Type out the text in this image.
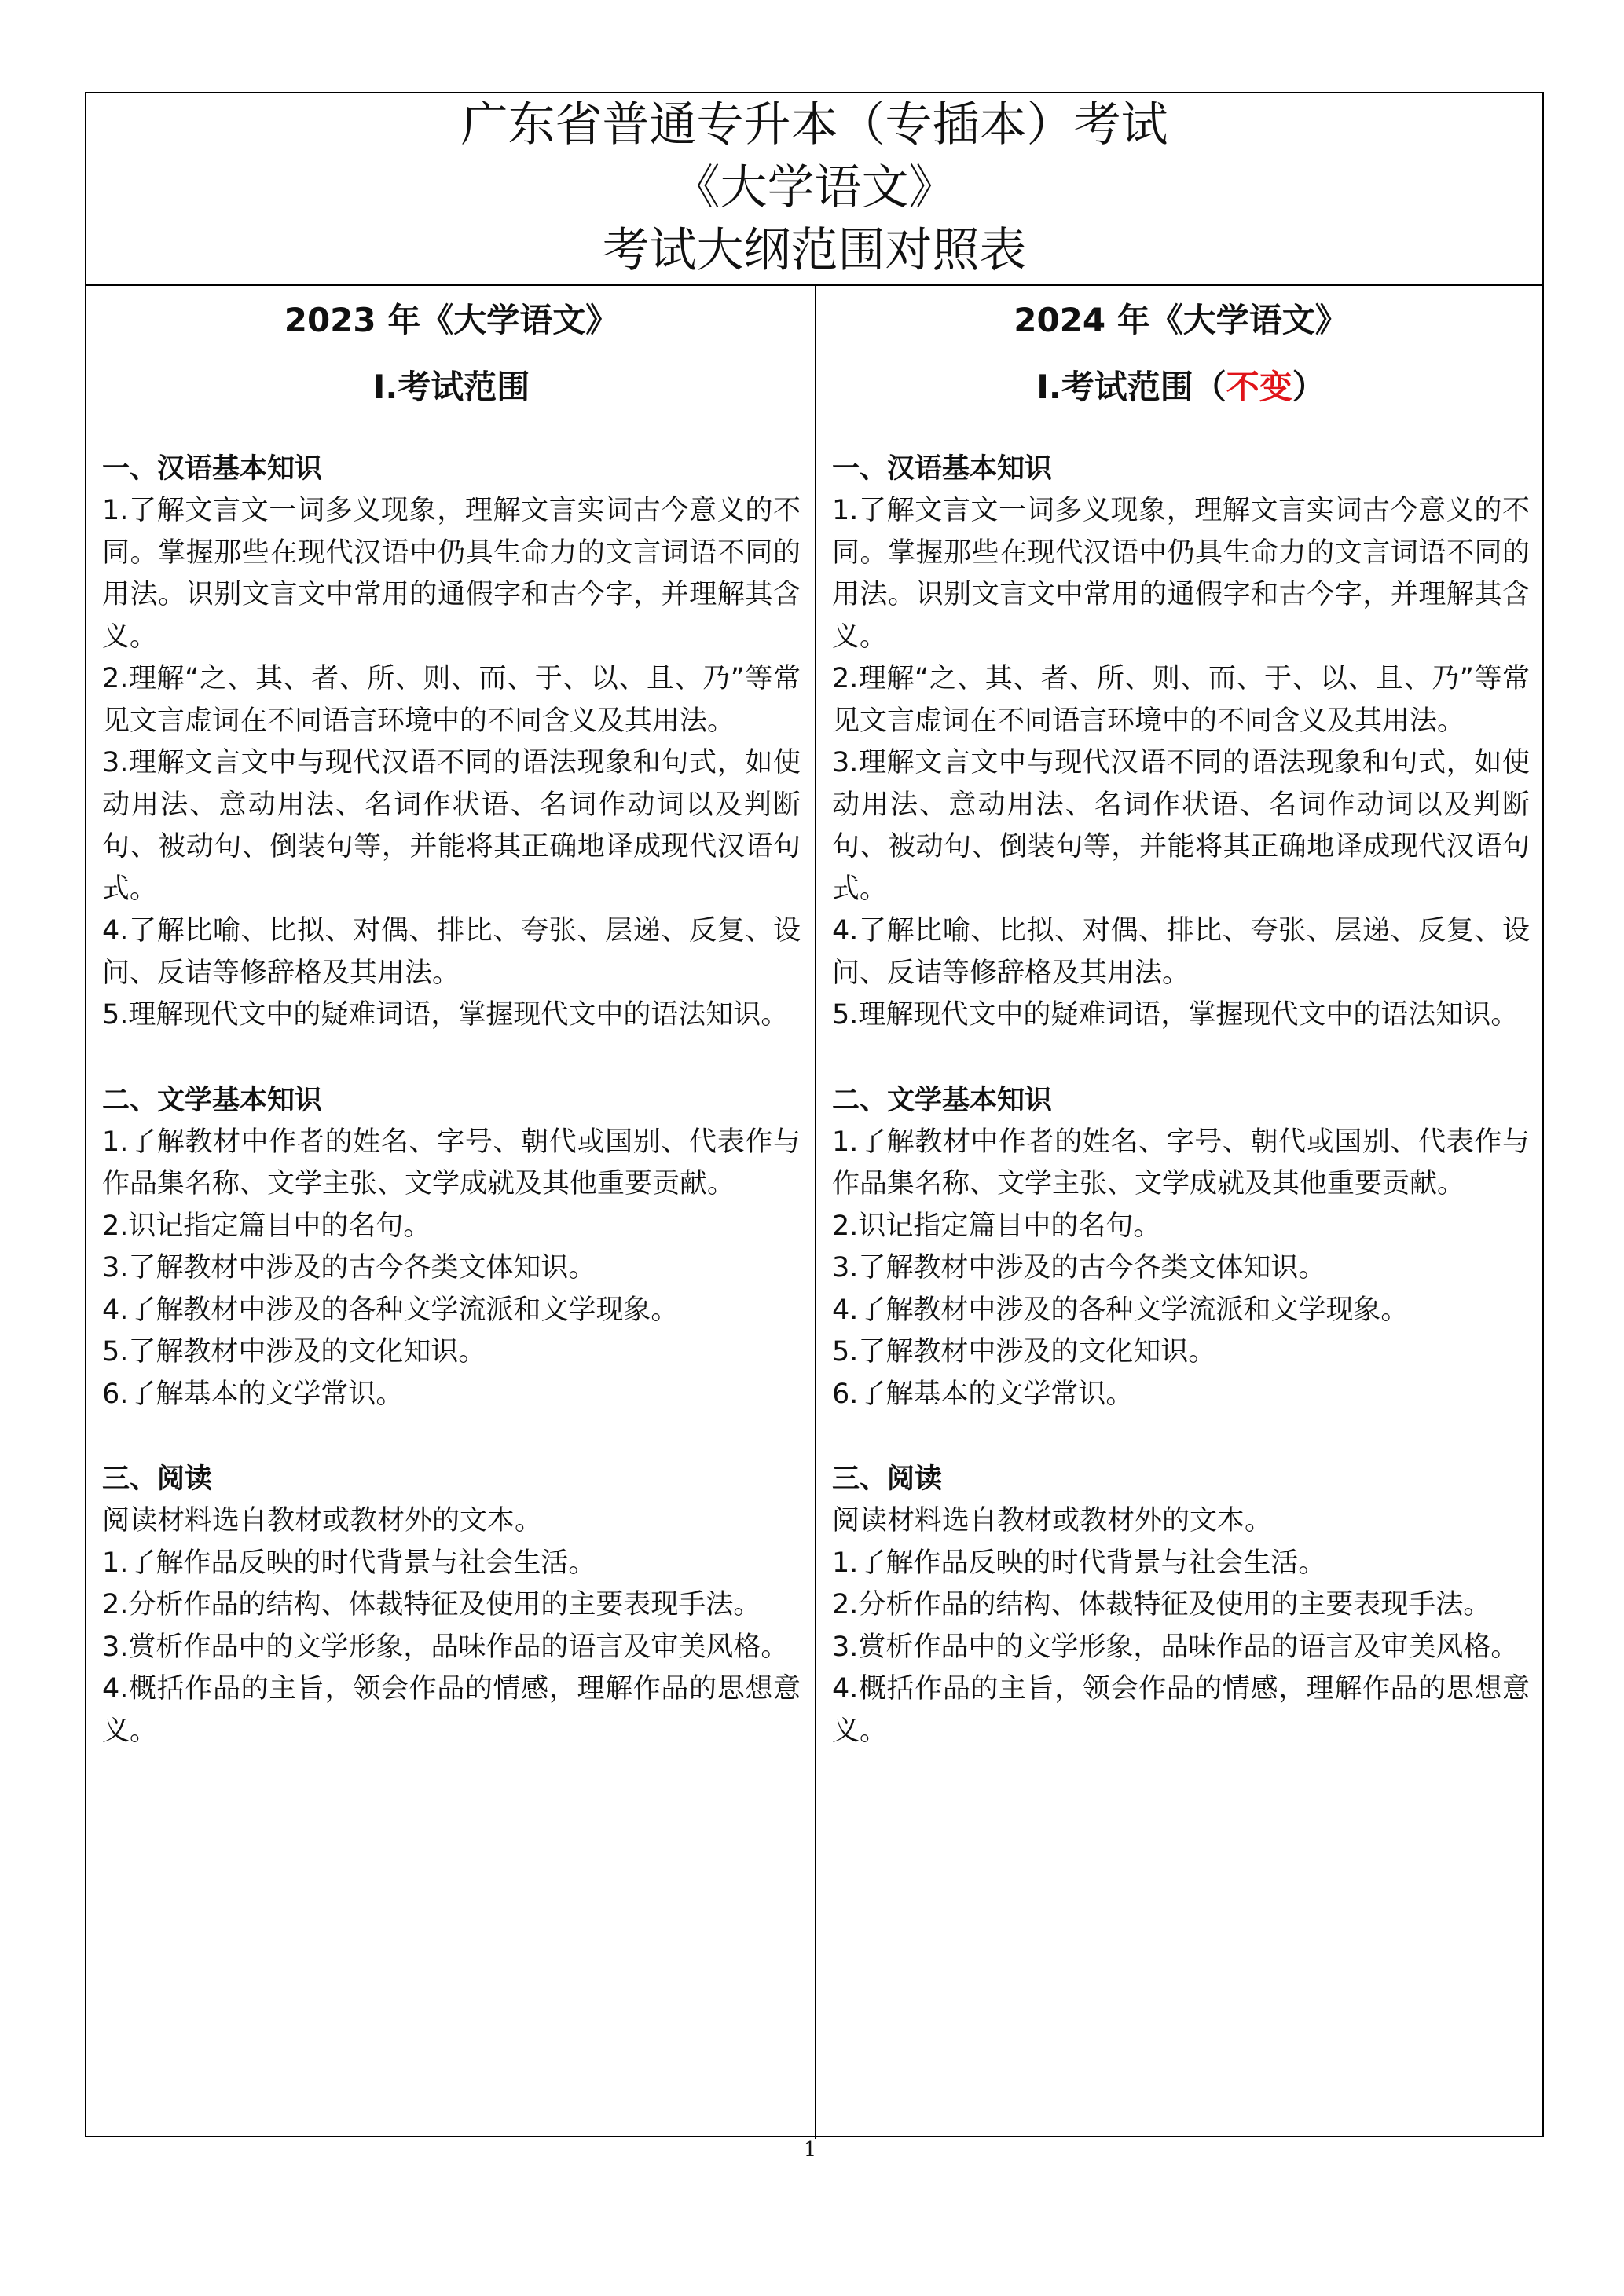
广东省普通专升本（专插本）考试
《大学语文》
考试大纲范围对照表
2023 年《大学语文》
I.考试范围
一、汉语基本知识
1.了解文言文一词多义现象，理解文言实词古今意义的不同。掌握那些在现代汉语中仍具生命力的文言词语不同的用法。识别文言文中常用的通假字和古今字，并理解其含义。
2.理解“之、其、者、所、则、而、于、以、且、乃”等常见文言虚词在不同语言环境中的不同含义及其用法。
3.理解文言文中与现代汉语不同的语法现象和句式，如使动用法、意动用法、名词作状语、名词作动词以及判断句、被动句、倒装句等，并能将其正确地译成现代汉语句式。
4.了解比喻、比拟、对偶、排比、夸张、层递、反复、设问、反诘等修辞格及其用法。
5.理解现代文中的疑难词语，掌握现代文中的语法知识。
二、文学基本知识
1.了解教材中作者的姓名、字号、朝代或国别、代表作与作品集名称、文学主张、文学成就及其他重要贡献。
2.识记指定篇目中的名句。
3.了解教材中涉及的古今各类文体知识。
4.了解教材中涉及的各种文学流派和文学现象。
5.了解教材中涉及的文化知识。
6.了解基本的文学常识。
三、阅读
阅读材料选自教材或教材外的文本。
1.了解作品反映的时代背景与社会生活。
2.分析作品的结构、体裁特征及使用的主要表现手法。
3.赏析作品中的文学形象，品味作品的语言及审美风格。
4.概括作品的主旨，领会作品的情感，理解作品的思想意义。
2024 年《大学语文》
I.考试范围（不变）
一、汉语基本知识
1.了解文言文一词多义现象，理解文言实词古今意义的不同。掌握那些在现代汉语中仍具生命力的文言词语不同的用法。识别文言文中常用的通假字和古今字，并理解其含义。
2.理解“之、其、者、所、则、而、于、以、且、乃”等常见文言虚词在不同语言环境中的不同含义及其用法。
3.理解文言文中与现代汉语不同的语法现象和句式，如使动用法、意动用法、名词作状语、名词作动词以及判断句、被动句、倒装句等，并能将其正确地译成现代汉语句式。
4.了解比喻、比拟、对偶、排比、夸张、层递、反复、设问、反诘等修辞格及其用法。
5.理解现代文中的疑难词语，掌握现代文中的语法知识。
二、文学基本知识
1.了解教材中作者的姓名、字号、朝代或国别、代表作与作品集名称、文学主张、文学成就及其他重要贡献。
2.识记指定篇目中的名句。
3.了解教材中涉及的古今各类文体知识。
4.了解教材中涉及的各种文学流派和文学现象。
5.了解教材中涉及的文化知识。
6.了解基本的文学常识。
三、阅读
阅读材料选自教材或教材外的文本。
1.了解作品反映的时代背景与社会生活。
2.分析作品的结构、体裁特征及使用的主要表现手法。
3.赏析作品中的文学形象，品味作品的语言及审美风格。
4.概括作品的主旨，领会作品的情感，理解作品的思想意义。
1
